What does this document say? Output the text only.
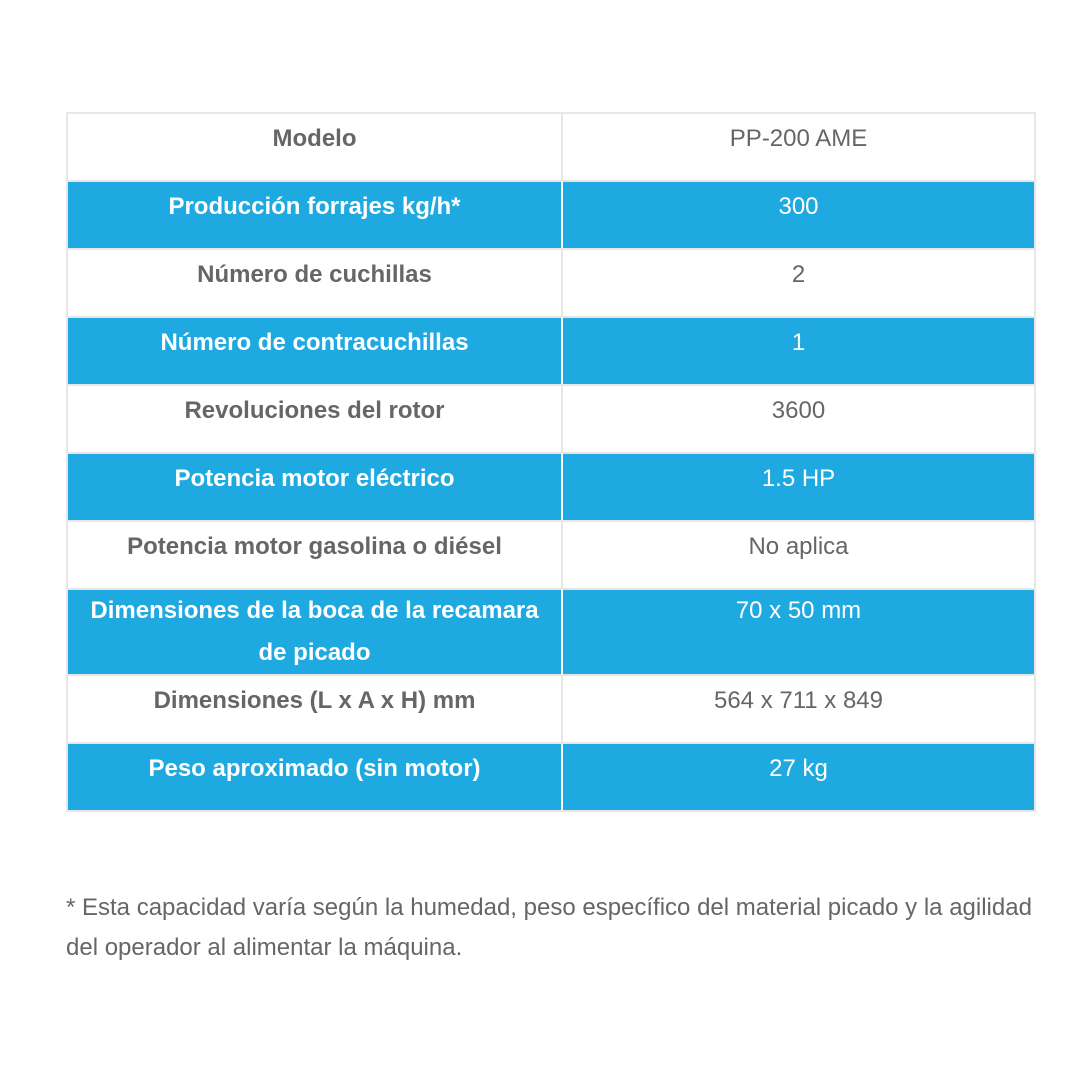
Modelo	PP-200 AME
Producción forrajes kg/h*	300
Número de cuchillas	2
Número de contracuchillas	1
Revoluciones del rotor	3600
Potencia motor eléctrico	1.5 HP
Potencia motor gasolina o diésel	No aplica
Dimensiones de la boca de la recamara de picado	70 x 50 mm
Dimensiones (L x A x H) mm	564 x 711 x 849
Peso aproximado (sin motor)	27 kg

* Esta capacidad varía según la humedad, peso específico del material picado y la agilidad del operador al alimentar la máquina.
